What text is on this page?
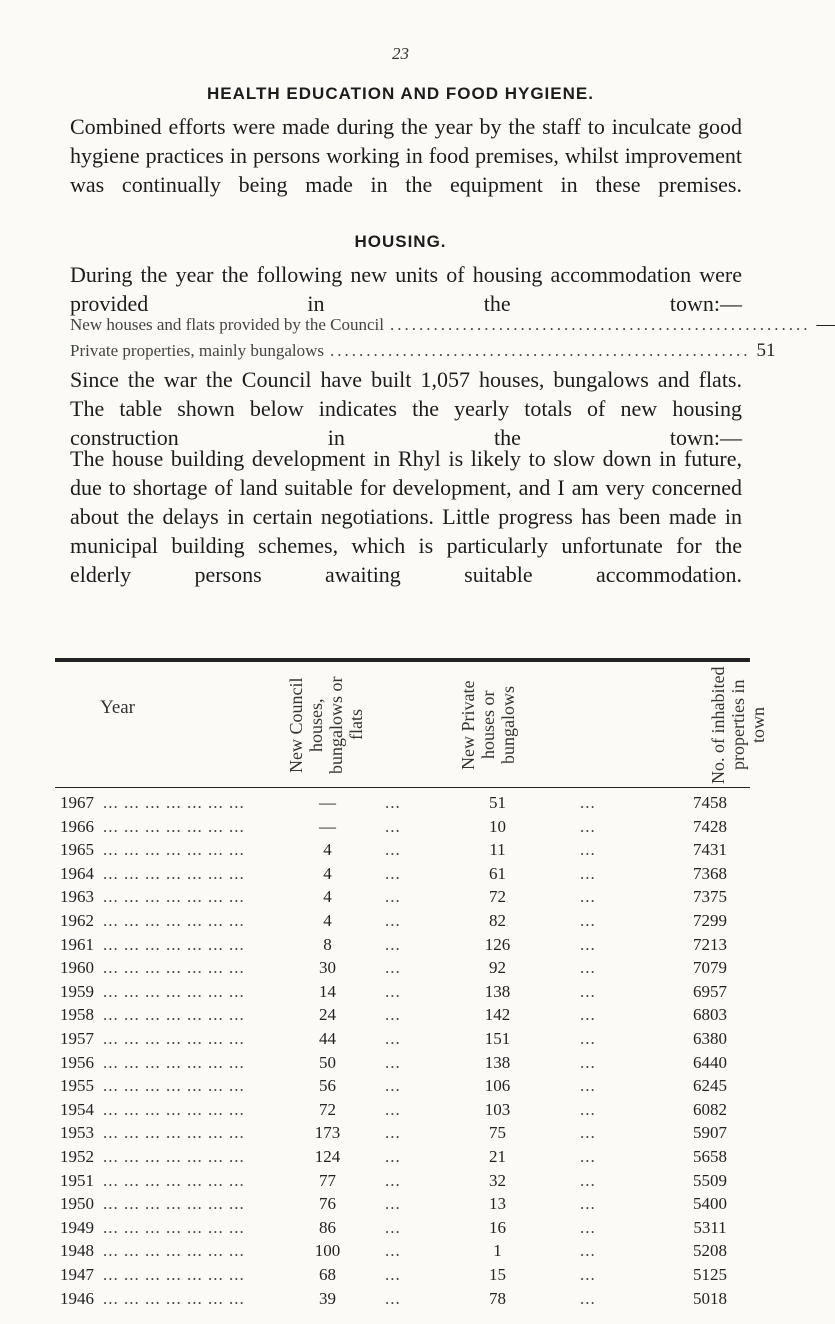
23
HEALTH EDUCATION AND FOOD HYGIENE.

Combined efforts were made during the year by the staff to inculcate good hygiene practices in persons working in food premises, whilst improvement was continually being made in the equipment in these premises.

HOUSING.

During the year the following new units of housing accommodation were provided in the town:—

New houses and flats provided by the Council .......................................................... —
Private properties, mainly bungalows .......................................................... 51

Since the war the Council have built 1,057 houses, bungalows and flats. The table shown below indicates the yearly totals of new housing construction in the town:—

The house building development in Rhyl is likely to slow down in future, due to shortage of land suitable for development, and I am very concerned about the delays in certain negotiations. Little progress has been made in municipal building schemes, which is particularly unfortunate for the elderly persons awaiting suitable accommodation.

Year	New Council houses, bungalows or flats	New Private houses or bungalows	No. of inhabited properties in town
1967 ... ... ... ... ... ... ...	—	...	51	...	7458
1966 ... ... ... ... ... ... ...	—	...	10	...	7428
1965 ... ... ... ... ... ... ...	4	...	11	...	7431
1964 ... ... ... ... ... ... ...	4	...	61	...	7368
1963 ... ... ... ... ... ... ...	4	...	72	...	7375
1962 ... ... ... ... ... ... ...	4	...	82	...	7299
1961 ... ... ... ... ... ... ...	8	...	126	...	7213
1960 ... ... ... ... ... ... ...	30	...	92	...	7079
1959 ... ... ... ... ... ... ...	14	...	138	...	6957
1958 ... ... ... ... ... ... ...	24	...	142	...	6803
1957 ... ... ... ... ... ... ...	44	...	151	...	6380
1956 ... ... ... ... ... ... ...	50	...	138	...	6440
1955 ... ... ... ... ... ... ...	56	...	106	...	6245
1954 ... ... ... ... ... ... ...	72	...	103	...	6082
1953 ... ... ... ... ... ... ...	173	...	75	...	5907
1952 ... ... ... ... ... ... ...	124	...	21	...	5658
1951 ... ... ... ... ... ... ...	77	...	32	...	5509
1950 ... ... ... ... ... ... ...	76	...	13	...	5400
1949 ... ... ... ... ... ... ...	86	...	16	...	5311
1948 ... ... ... ... ... ... ...	100	...	1	...	5208
1947 ... ... ... ... ... ... ...	68	...	15	...	5125
1946 ... ... ... ... ... ... ...	39	...	78	...	5018
